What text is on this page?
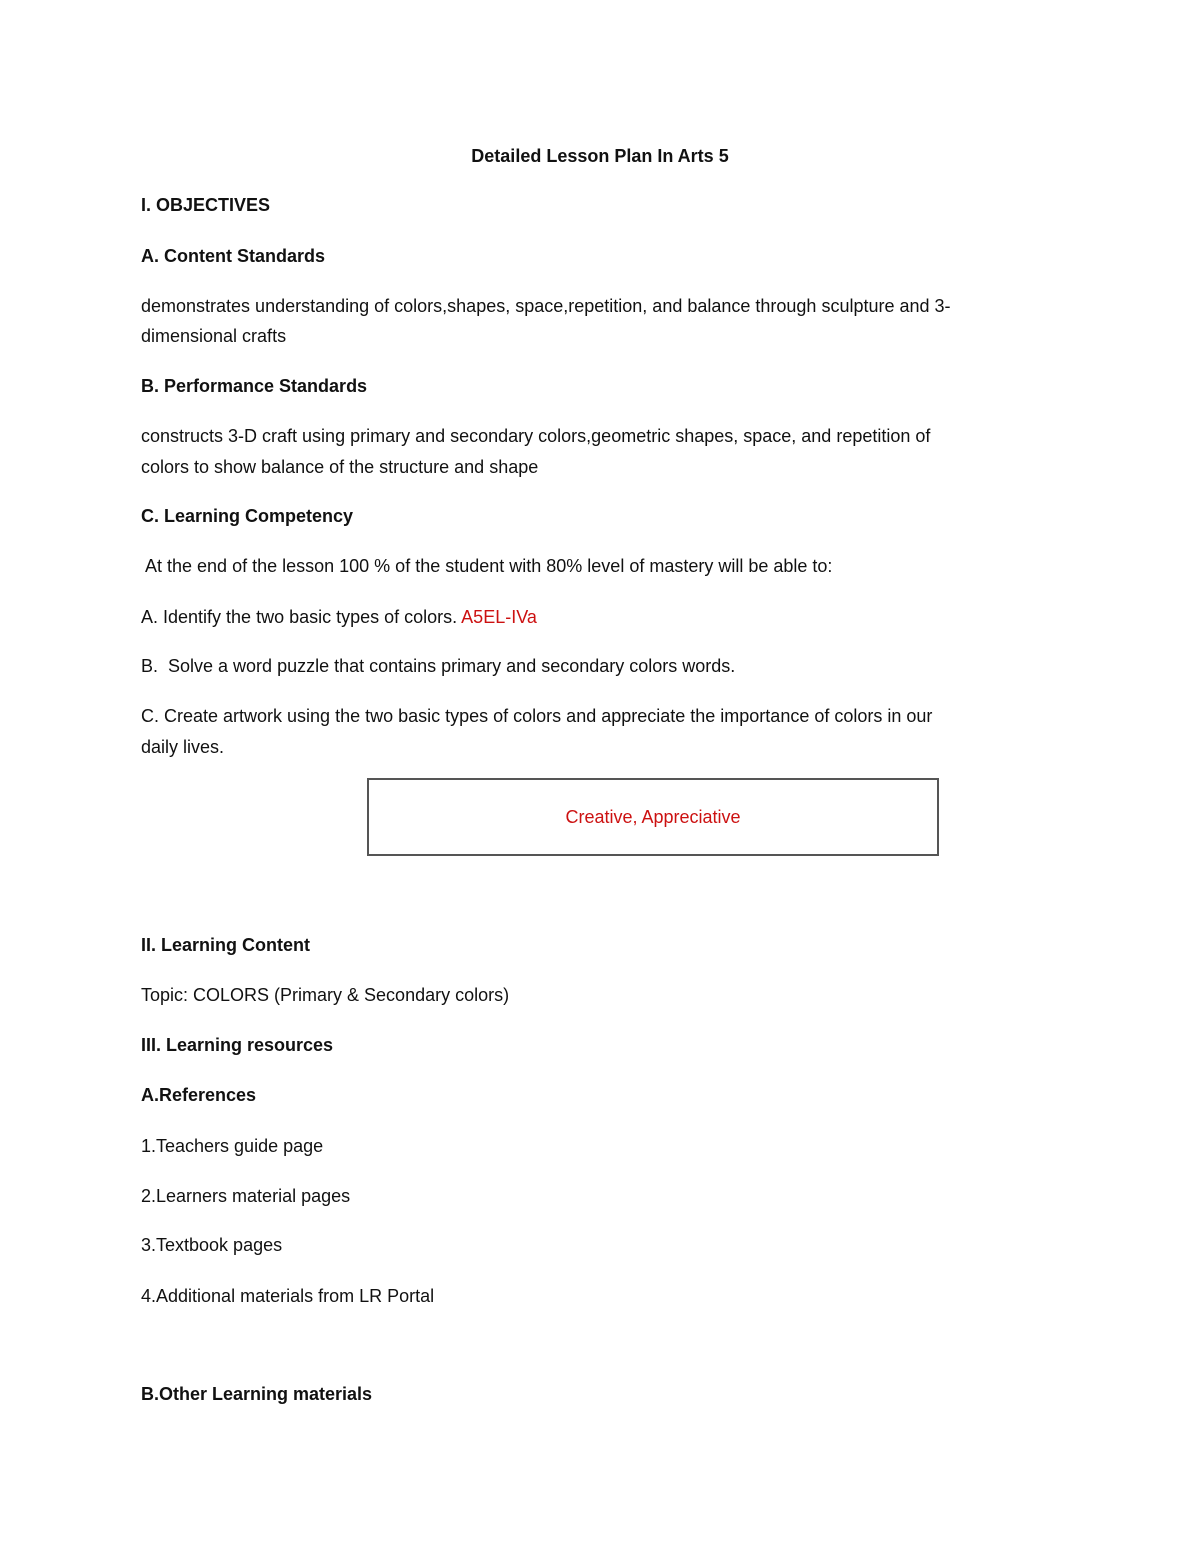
Detailed Lesson Plan In Arts 5
I. OBJECTIVES
A. Content Standards
demonstrates understanding of colors,shapes, space,repetition, and balance through sculpture and 3-
dimensional crafts
B. Performance Standards
constructs 3-D craft using primary and secondary colors,geometric shapes, space, and repetition of
colors to show balance of the structure and shape
C. Learning Competency
At the end of the lesson 100 % of the student with 80% level of mastery will be able to:
A. Identify the two basic types of colors. A5EL-IVa
B.  Solve a word puzzle that contains primary and secondary colors words.
C. Create artwork using the two basic types of colors and appreciate the importance of colors in our
daily lives.
Creative, Appreciative
II. Learning Content
Topic: COLORS (Primary & Secondary colors)
III. Learning resources
A.References
1.Teachers guide page
2.Learners material pages
3.Textbook pages
4.Additional materials from LR Portal
B.Other Learning materials
